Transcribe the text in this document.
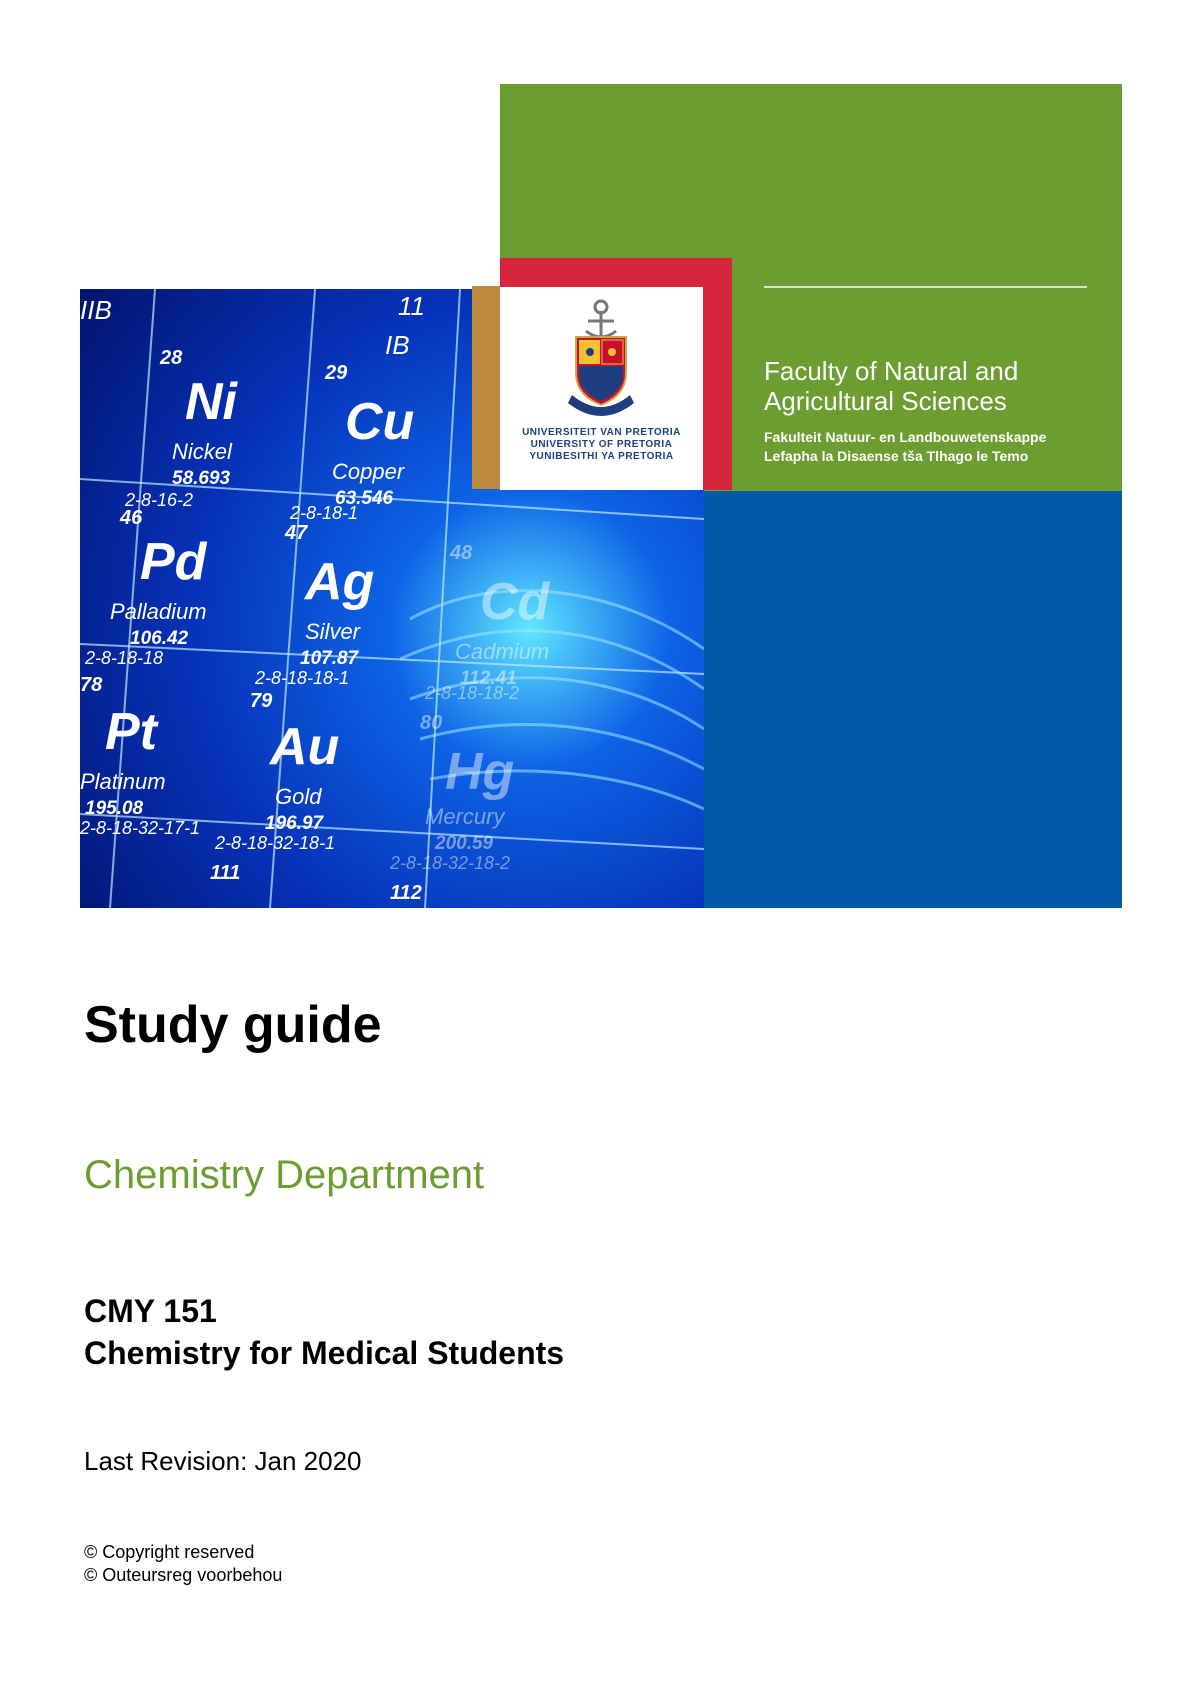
IIB	11
IB
28
Ni
Nickel
58.693
2-8-16-2
29
Cu
Copper
63.546
2-8-18-1
46
Pd
Palladium
106.42
2-8-18-18
47
Ag
Silver
107.87
2-8-18-18-1
48
Cd
Cadmium
112.41
2-8-18-18-2
78
Pt
Platinum
195.08
2-8-18-32-17-1
79
Au
Gold
196.97
2-8-18-32-18-1
80
Hg
Mercury
200.59
2-8-18-32-18-2
111
112
UNIVERSITEIT VAN PRETORIA
UNIVERSITY OF PRETORIA
YUNIBESITHI YA PRETORIA
Faculty of Natural and Agricultural Sciences
Fakulteit Natuur- en Landbouwetenskappe
Lefapha la Disaense tša Tlhago le Temo
Study guide
Chemistry Department
CMY 151
Chemistry for Medical Students
Last Revision: Jan 2020
© Copyright reserved
© Outeursreg voorbehou
